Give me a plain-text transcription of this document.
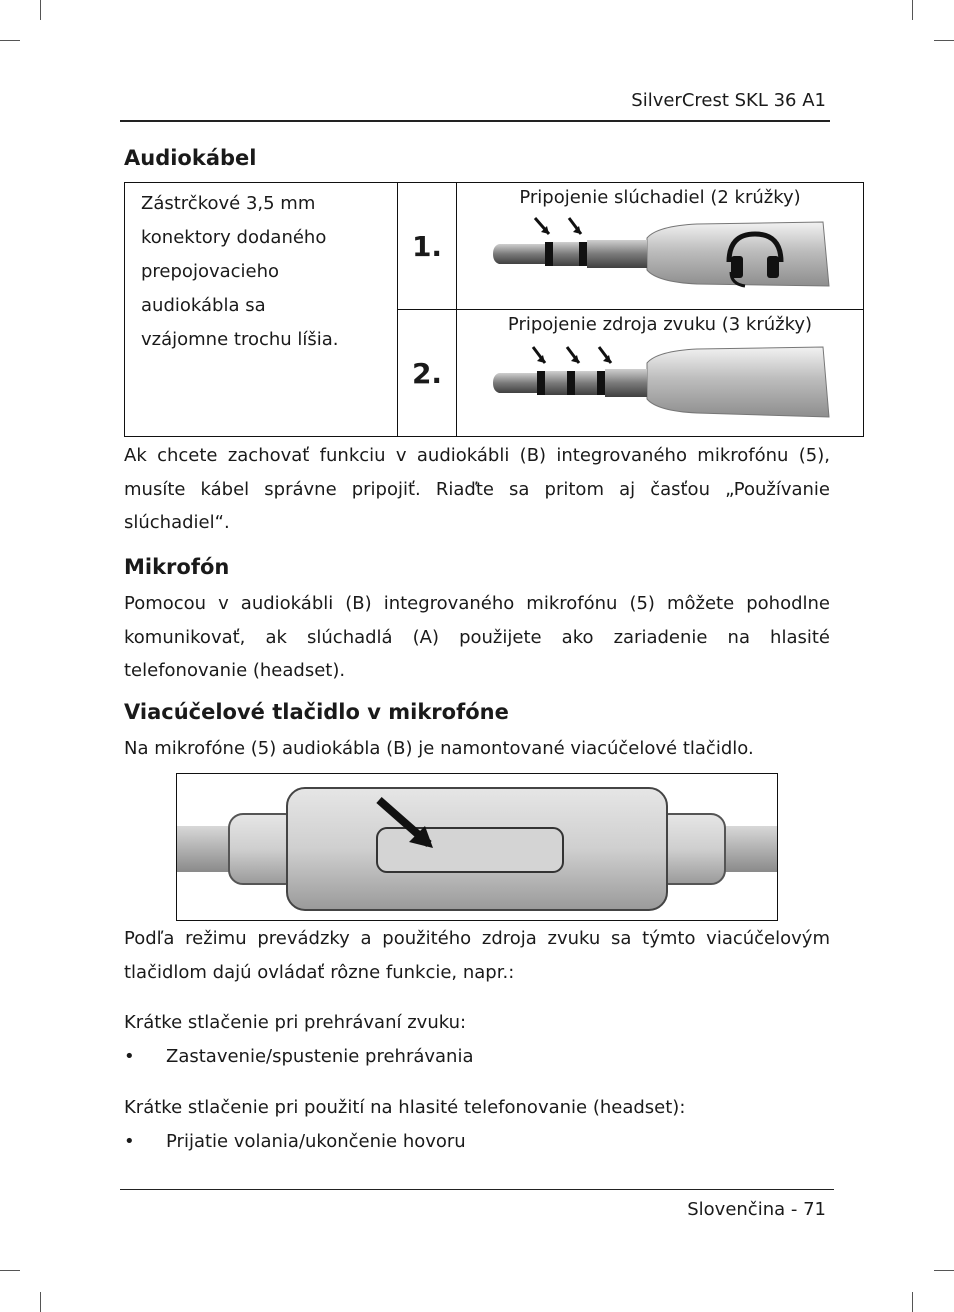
SilverCrest SKL 36 A1
Audiokábel
Zástrčkové 3,5 mm
konektory dodaného
prepojovacieho
audiokábla sa
vzájomne trochu líšia.	1.	Pripojenie slúchadiel (2 krúžky)

	2.	Pripojenie zdroja zvuku (3 krúžky)
Ak chcete zachovať funkciu v audiokábli (B) integrovaného mikrofónu (5),
musíte kábel správne pripojiť. Riaďte sa pritom aj časťou „Používanie
slúchadiel“.
Mikrofón
Pomocou v audiokábli (B) integrovaného mikrofónu (5) môžete pohodlne
komunikovať, ak slúchadlá (A) použijete ako zariadenie na hlasité
telefonovanie (headset).
Viacúčelové tlačidlo v mikrofóne
Na mikrofóne (5) audiokábla (B) je namontované viacúčelové tlačidlo.
Podľa režimu prevádzky a použitého zdroja zvuku sa týmto viacúčelovým
tlačidlom dajú ovládať rôzne funkcie, napr.:
Krátke stlačenie pri prehrávaní zvuku:
• Zastavenie/spustenie prehrávania
Krátke stlačenie pri použití na hlasité telefonovanie (headset):
• Prijatie volania/ukončenie hovoru
Slovenčina - 71
